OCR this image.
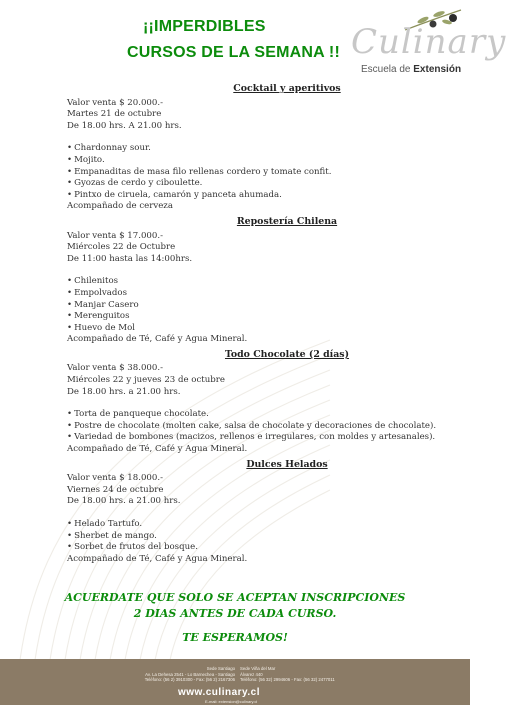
¡¡IMPERDIBLES
CURSOS DE LA SEMANA !! Culinary
Escuela de Extensión
Cocktail y aperitivos
Valor venta $ 20.000.-
Martes 21 de octubre
De 18.00 hrs. A 21.00 hrs.
• Chardonnay sour.
• Mojito.
• Empanaditas de masa filo rellenas cordero y tomate confit.
• Gyozas de cerdo y ciboulette.
• Pintxo de ciruela, camarón y panceta ahumada.
Acompañado de cerveza
Repostería Chilena
Valor venta $ 17.000.-
Miércoles 22 de Octubre
De 11:00 hasta las 14:00hrs.
• Chilenitos
• Empolvados
• Manjar Casero
• Merenguitos
• Huevo de Mol
Acompañado de Té, Café y Agua Mineral.
Todo Chocolate (2 días)
Valor venta $ 38.000.-
Miércoles 22 y jueves 23 de octubre
De 18.00 hrs. a 21.00 hrs.
• Torta de panqueque chocolate.
• Postre de chocolate (molten cake, salsa de chocolate y decoraciones de chocolate).
• Variedad de bombones (macizos, rellenos e irregulares, con moldes y artesanales).
Acompañado de Té, Café y Agua Mineral.
Dulces Helados
Valor venta $ 18.000.-
Viernes 24 de octubre
De 18.00 hrs. a 21.00 hrs.
• Helado Tartufo.
• Sherbet de mango.
• Sorbet de frutos del bosque.
Acompañado de Té, Café y Agua Mineral.
ACUERDATE QUE SOLO SE ACEPTAN INSCRIPCIONES
2 DIAS ANTES DE CADA CURSO.
TE ESPERAMOS!
Sede Santiago
Av. La Dehesa 2541 - Lo Barnechea - Santiago
Teléfono: (56 2) 3910300 - Fax: (56 2) 2167306
Sede Viña del Mar
Álvarez 440
Teléfono: (56 32) 2994606 - Fax: (56 32) 2477011
www.culinary.cl
E-mail: extension@culinary.cl
